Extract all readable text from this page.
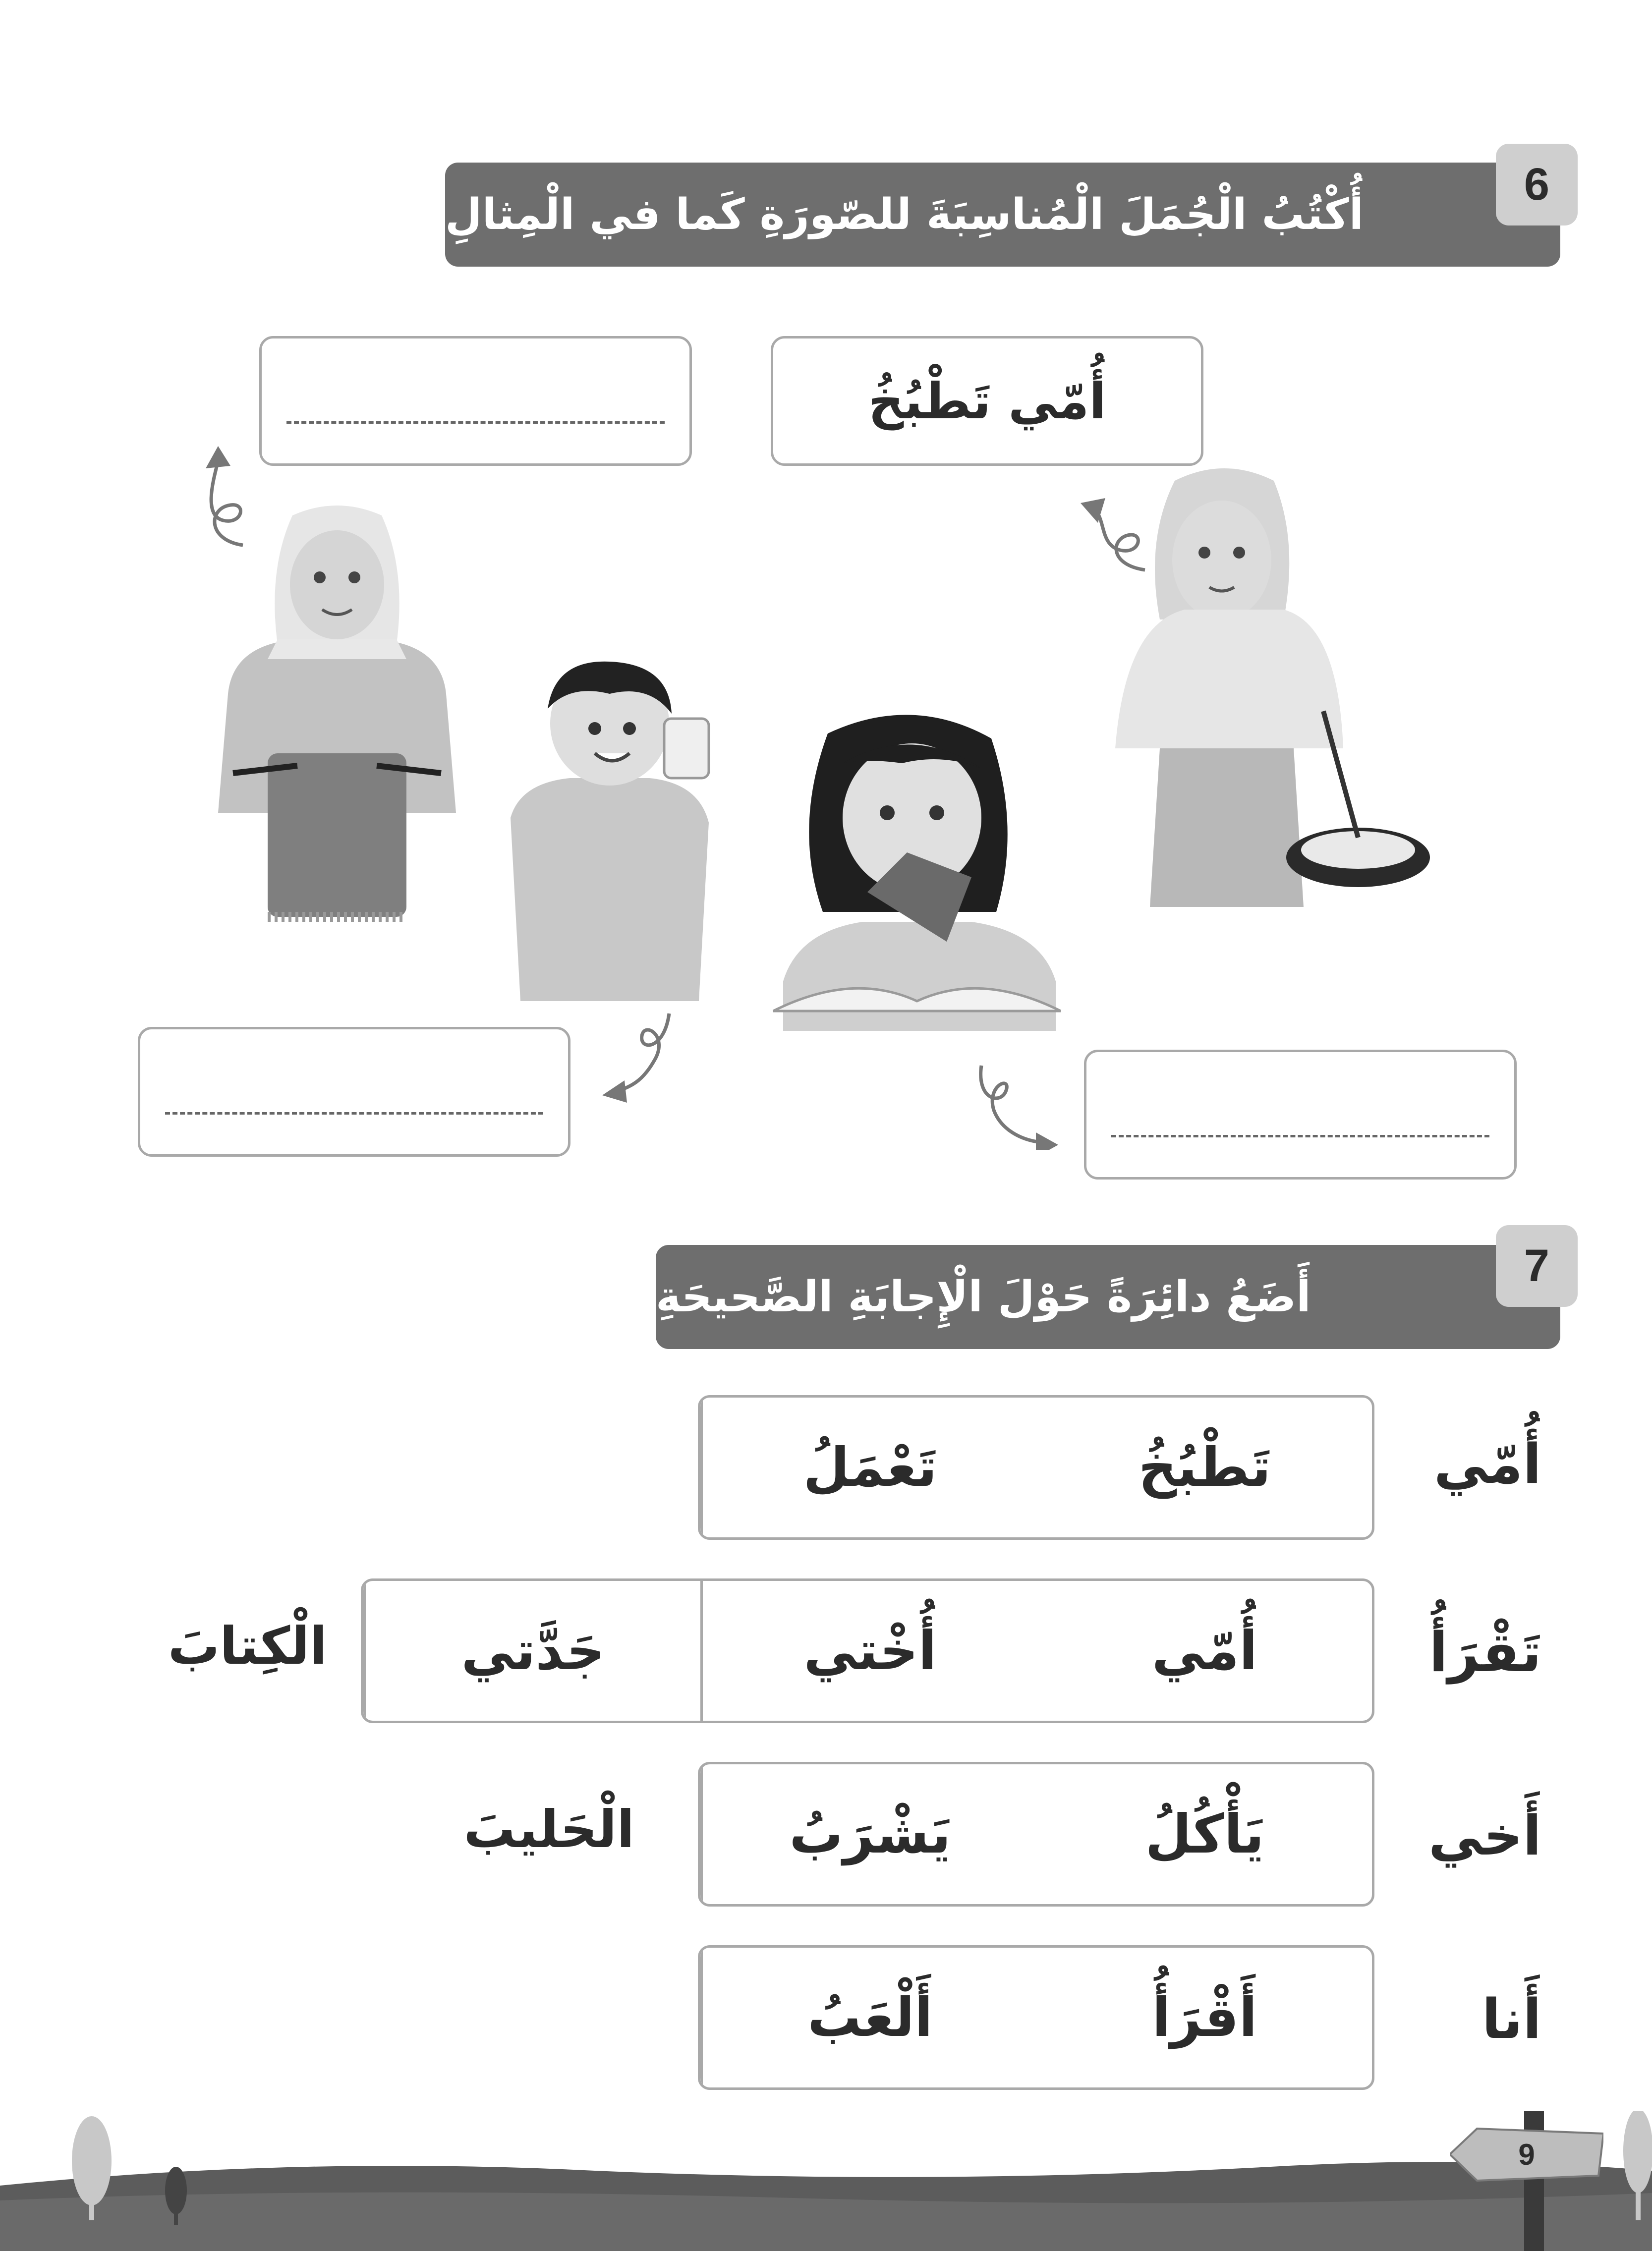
أُكْتُبُ الْجُمَلَ الْمُناسِبَةَ للصّورَةِ كَما في الْمِثالِ
6
أُمّي تَطْبُخُ
أَضَعُ دائِرَةً حَوْلَ الْإِجابَةِ الصَّحيحَةِ
7
أُمّي
تَطْبُخُ
تَعْمَلُ
تَقْرَأُ
أُمّي
أُخْتي
جَدَّتي
الْكِتابَ
أَخي
يَأْكُلُ
يَشْرَبُ
الْحَليبَ
أَنا
أَقْرَأُ
أَلْعَبُ
9
